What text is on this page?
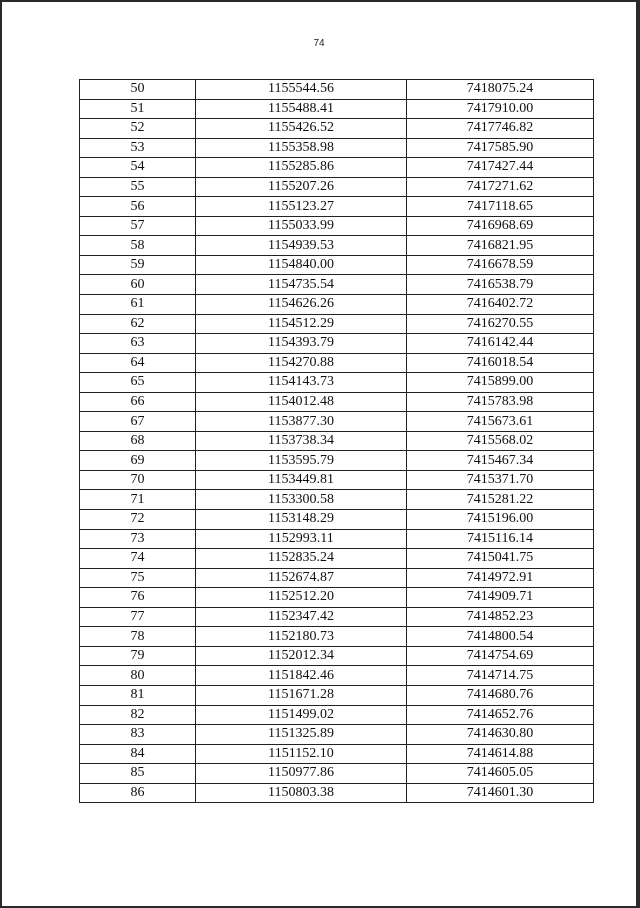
74
50	1155544.56	7418075.24
51	1155488.41	7417910.00
52	1155426.52	7417746.82
53	1155358.98	7417585.90
54	1155285.86	7417427.44
55	1155207.26	7417271.62
56	1155123.27	7417118.65
57	1155033.99	7416968.69
58	1154939.53	7416821.95
59	1154840.00	7416678.59
60	1154735.54	7416538.79
61	1154626.26	7416402.72
62	1154512.29	7416270.55
63	1154393.79	7416142.44
64	1154270.88	7416018.54
65	1154143.73	7415899.00
66	1154012.48	7415783.98
67	1153877.30	7415673.61
68	1153738.34	7415568.02
69	1153595.79	7415467.34
70	1153449.81	7415371.70
71	1153300.58	7415281.22
72	1153148.29	7415196.00
73	1152993.11	7415116.14
74	1152835.24	7415041.75
75	1152674.87	7414972.91
76	1152512.20	7414909.71
77	1152347.42	7414852.23
78	1152180.73	7414800.54
79	1152012.34	7414754.69
80	1151842.46	7414714.75
81	1151671.28	7414680.76
82	1151499.02	7414652.76
83	1151325.89	7414630.80
84	1151152.10	7414614.88
85	1150977.86	7414605.05
86	1150803.38	7414601.30
